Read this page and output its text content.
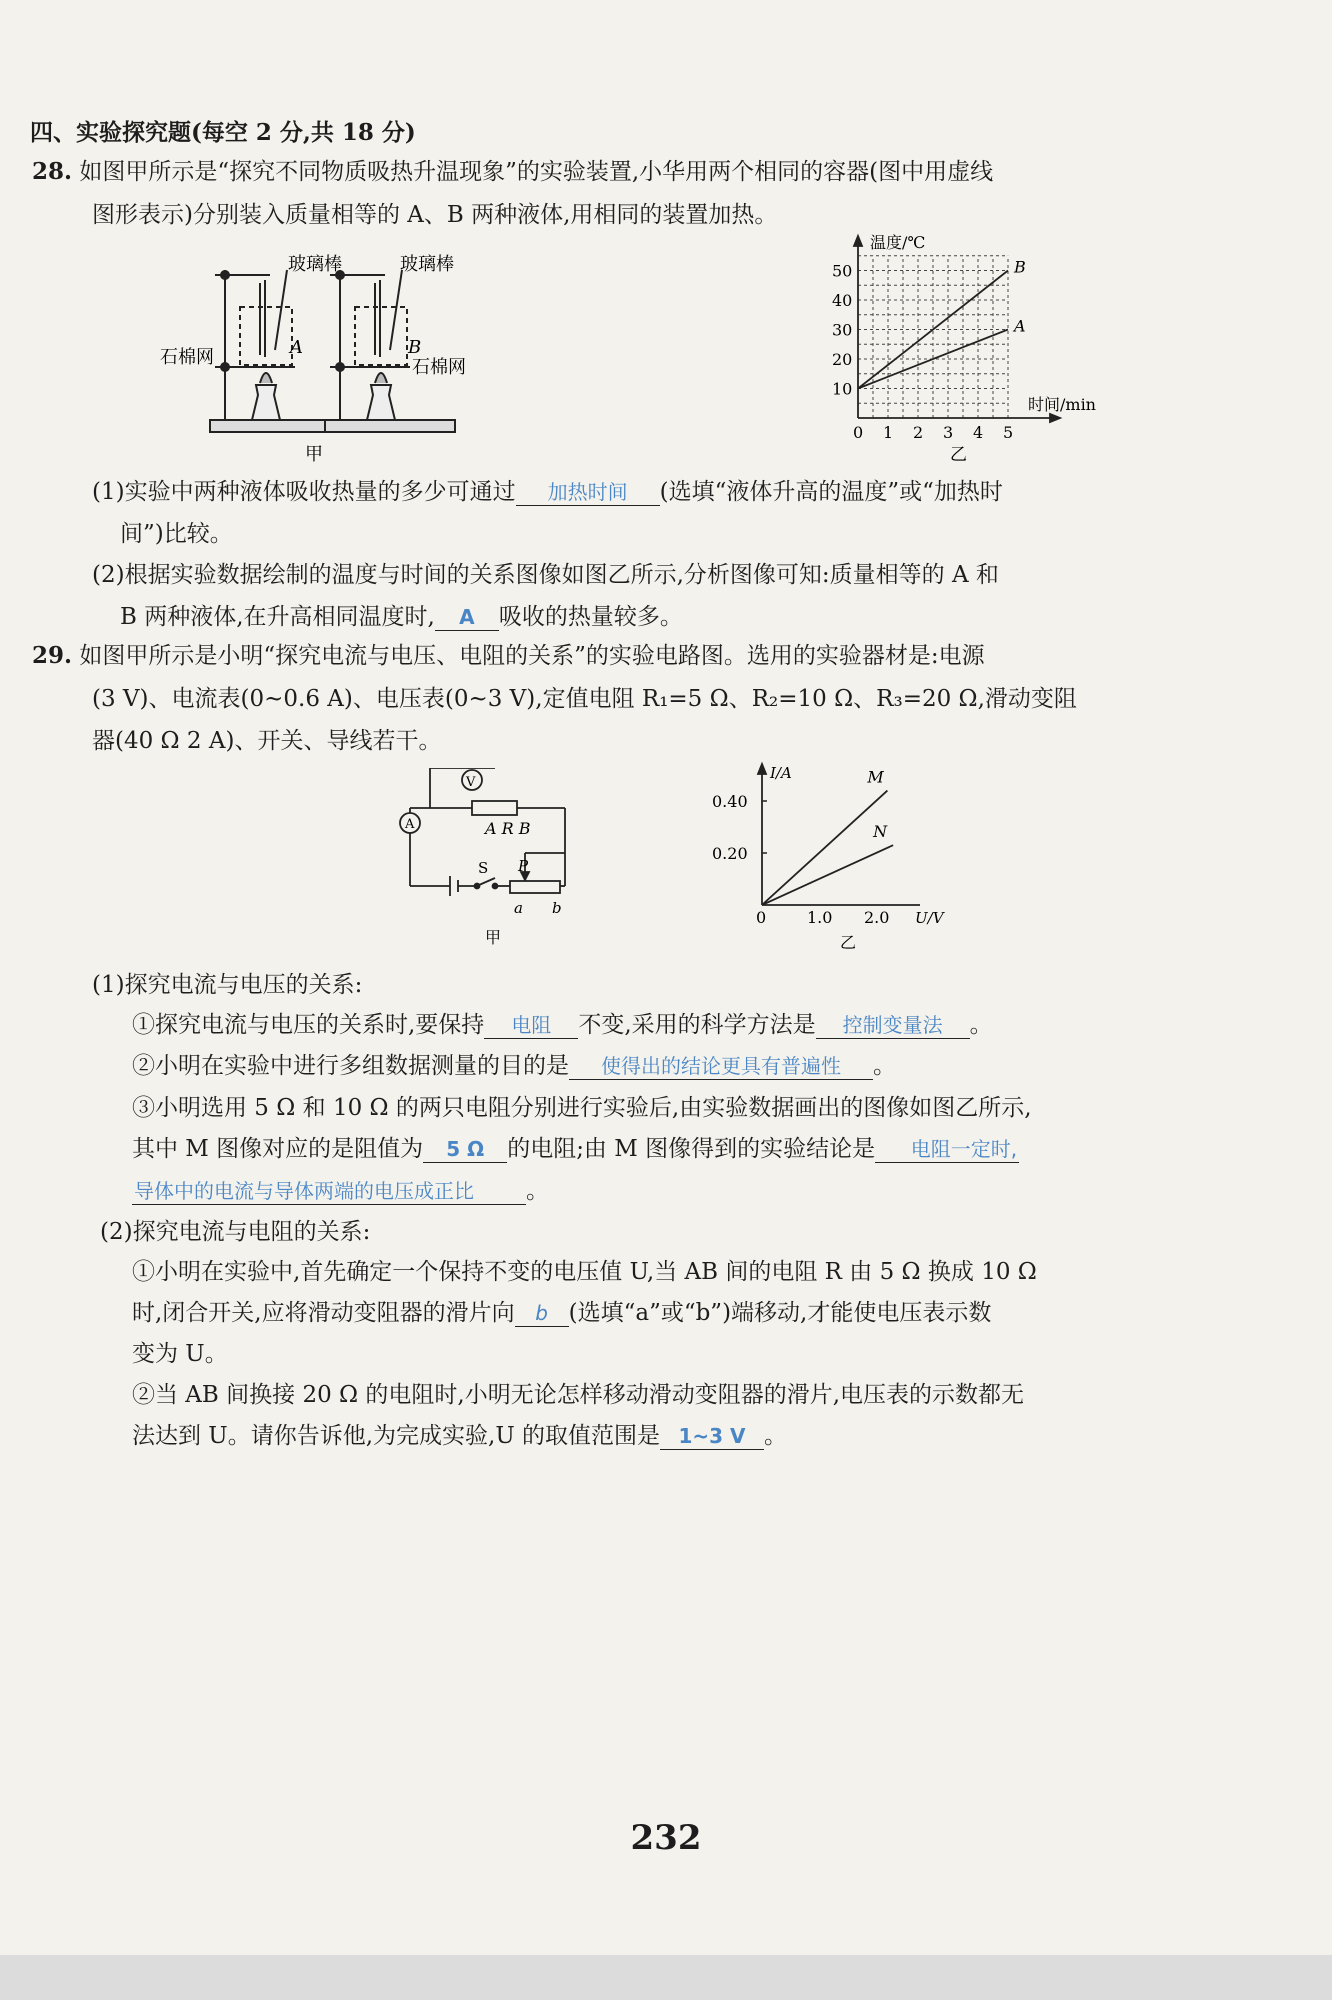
四、实验探究题(每空 2 分,共 18 分)
28. 如图甲所示是“探究不同物质吸热升温现象”的实验装置,小华用两个相同的容器(图中用虚线
图形表示)分别装入质量相等的 A、B 两种液体,用相同的装置加热。
玻璃棒	玻璃棒
石棉网	石棉网
A	B
甲
10
20
30
40
50
0 1 2 3 4 5
B
A
温度/℃
时间/min
乙
(1)实验中两种液体吸收热量的多少可通过 加热时间 (选填“液体升高的温度”或“加热时
间”)比较。
(2)根据实验数据绘制的温度与时间的关系图像如图乙所示,分析图像可知:质量相等的 A 和
B 两种液体,在升高相同温度时, A 吸收的热量较多。
29. 如图甲所示是小明“探究电流与电压、电阻的关系”的实验电路图。选用的实验器材是:电源
(3 V)、电流表(0~0.6 A)、电压表(0~3 V),定值电阻 R₁=5 Ω、R₂=10 Ω、R₃=20 Ω,滑动变阻
器(40 Ω 2 A)、开关、导线若干。
V
A	A R B
S P
a b
甲
0.20
0.40
0	1.0 2.0
M
N
I/A
U/V
乙
(1)探究电流与电压的关系:
①探究电流与电压的关系时,要保持 电阻 不变,采用的科学方法是 控制变量法 。
②小明在实验中进行多组数据测量的目的是 使得出的结论更具有普遍性 。
③小明选用 5 Ω 和 10 Ω 的两只电阻分别进行实验后,由实验数据画出的图像如图乙所示,
其中 M 图像对应的是阻值为 5 Ω 的电阻;由 M 图像得到的实验结论是 电阻一定时,
导体中的电流与导体两端的电压成正比 。
(2)探究电流与电阻的关系:
①小明在实验中,首先确定一个保持不变的电压值 U,当 AB 间的电阻 R 由 5 Ω 换成 10 Ω
时,闭合开关,应将滑动变阻器的滑片向 b (选填“a”或“b”)端移动,才能使电压表示数
变为 U。
②当 AB 间换接 20 Ω 的电阻时,小明无论怎样移动滑动变阻器的滑片,电压表的示数都无
法达到 U。请你告诉他,为完成实验,U 的取值范围是 1~3 V 。
232
